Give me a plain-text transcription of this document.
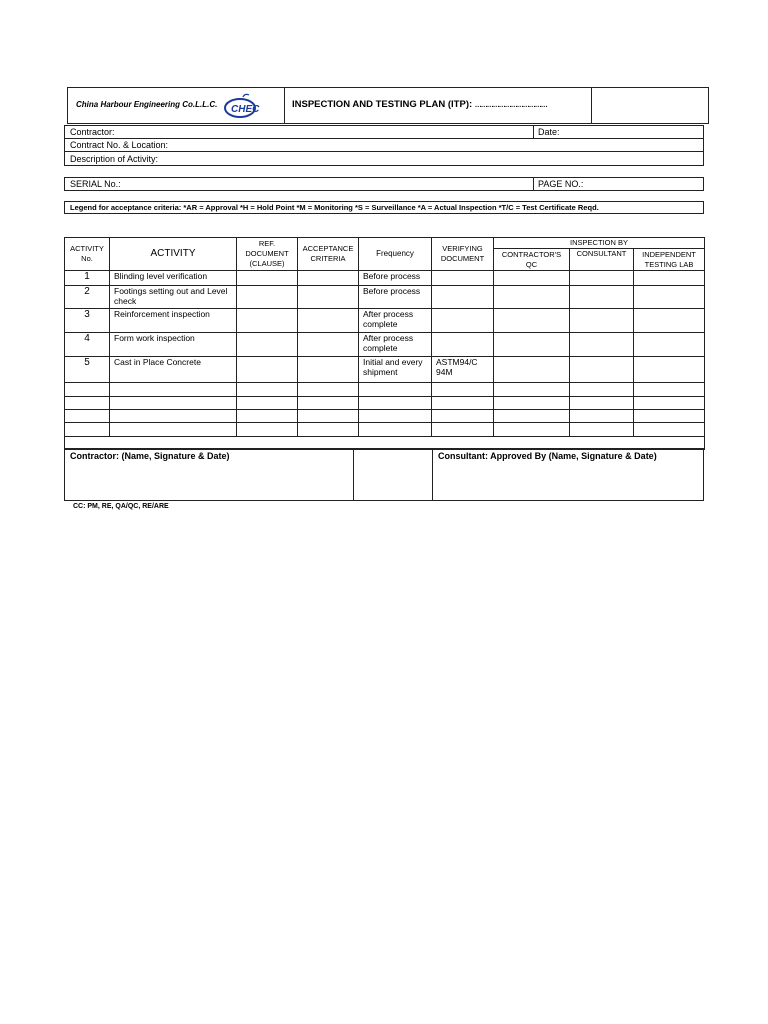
China Harbour Engineering Co.L.L.C. CHEC	INSPECTION AND TESTING PLAN (ITP): ………………………………
Contractor:	Date:
Contract No. & Location:
Description of Activity:
SERIAL No.:	PAGE NO.:
Legend for acceptance criteria: *AR = Approval *H = Hold Point *M = Monitoring *S = Surveillance *A = Actual Inspection *T/C = Test Certificate Reqd.
ACTIVITY No.	ACTIVITY	REF. DOCUMENT (CLAUSE)	ACCEPTANCE CRITERIA	Frequency	VERIFYING DOCUMENT	INSPECTION BY		
						CONTRACTOR'S QC	CONSULTANT	INDEPENDENT TESTING LAB
1	Blinding level verification			Before process				
2	Footings setting out and Level check			Before process				
3	Reinforcement inspection			After process complete				
4	Form work inspection			After process complete				
5	Cast in Place Concrete			Initial and every shipment	ASTM94/C 94M			

Contractor: (Name, Signature & Date)	Consultant: Approved By (Name, Signature & Date)
CC: PM, RE, QA/QC, RE/ARE
